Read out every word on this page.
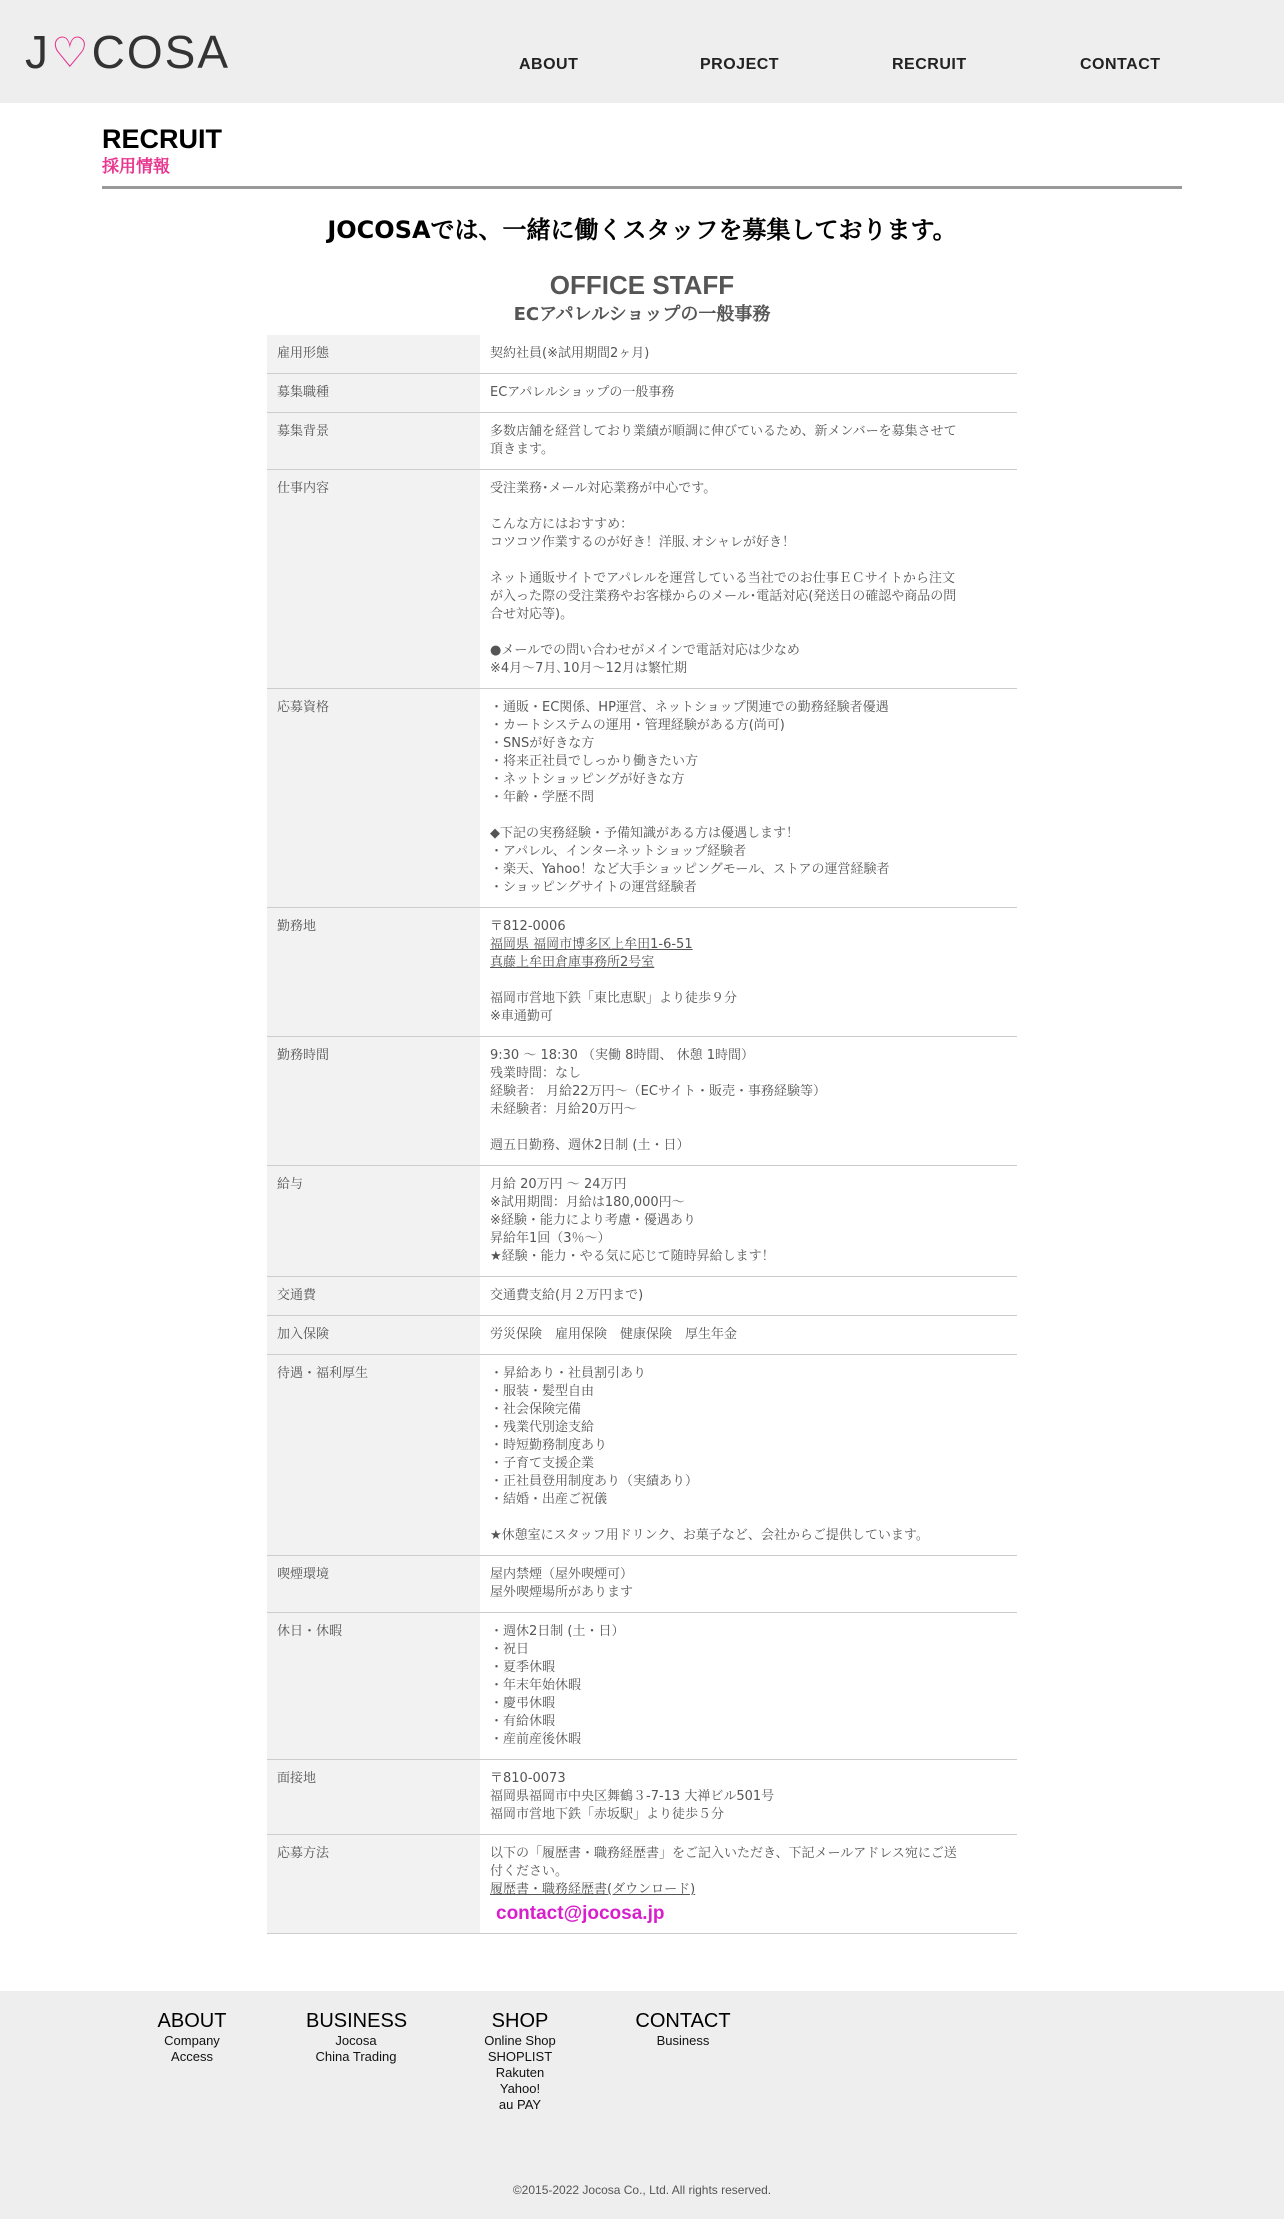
J ♡ COSA	ABOUT	PROJECT	RECRUIT	CONTACT
RECRUIT
採用情報
JOCOSAでは、一緒に働くスタッフを募集しております。
OFFICE STAFF
ECアパレルショップの一般事務
雇用形態	契約社員(※試用期間2ヶ月)
募集職種	ECアパレルショップの一般事務
募集背景	多数店舗を経営しており業績が順調に伸びているため、新メンバーを募集させて
頂きます。
仕事内容	受注業務･メール対応業務が中心です。
こんな方にはおすすめ：
コツコツ作業するのが好き！洋服､オシャレが好き！
ネット通販サイトでアパレルを運営している当社でのお仕事ＥＣサイトから注文
が入った際の受注業務やお客様からのメール･電話対応(発送日の確認や商品の問
合せ対応等)。
●メールでの問い合わせがメインで電話対応は少なめ
※4月～7月､10月～12月は繁忙期
応募資格	・通販・EC関係、HP運営、ネットショップ関連での勤務経験者優遇
・カートシステムの運用・管理経験がある方(尚可)
・SNSが好きな方
・将来正社員でしっかり働きたい方
・ネットショッピングが好きな方
・年齢・学歴不問
◆下記の実務経験・予備知識がある方は優遇します！
・アパレル、インターネットショップ経験者
・楽天、Yahoo！など大手ショッピングモール、ストアの運営経験者
・ショッピングサイトの運営経験者
勤務地	〒812-0006
福岡県 福岡市博多区上牟田1-6-51
真藤上牟田倉庫事務所2号室
福岡市営地下鉄「東比恵駅」より徒歩９分
※車通勤可
勤務時間	9:30 ～ 18:30 （実働 8時間、 休憩 1時間）
残業時間：なし
経験者： 月給22万円～（ECサイト・販売・事務経験等）
未経験者：月給20万円～
週五日勤務、週休2日制 (土・日）
給与	月給 20万円 ～ 24万円
※試用期間：月給は180,000円～
※経験・能力により考慮・優遇あり
昇給年1回（3％～）
★経験・能力・やる気に応じて随時昇給します！
交通費	交通費支給(月２万円まで)
加入保険	労災保険　雇用保険　健康保険　厚生年金
待遇・福利厚生	・昇給あり・社員割引あり
・服装・髪型自由
・社会保険完備
・残業代別途支給
・時短勤務制度あり
・子育て支援企業
・正社員登用制度あり（実績あり）
・結婚・出産ご祝儀
★休憩室にスタッフ用ドリンク、お菓子など、会社からご提供しています。
喫煙環境	屋内禁煙（屋外喫煙可）
屋外喫煙場所があります
休日・休暇	・週休2日制 (土・日）
・祝日
・夏季休暇
・年末年始休暇
・慶弔休暇
・有給休暇
・産前産後休暇
面接地	〒810-0073
福岡県福岡市中央区舞鶴３-7-13 大禅ビル501号
福岡市営地下鉄「赤坂駅」より徒歩５分
応募方法	以下の「履歴書・職務経歴書」をご記入いただき、下記メールアドレス宛にご送
付ください。
履歴書・職務経歴書(ダウンロード)
contact@jocosa.jp
ABOUT
Company
Access
BUSINESS
Jocosa
China Trading
SHOP
Online Shop
SHOPLIST
Rakuten
Yahoo!
au PAY
CONTACT
Business
©2015-2022 Jocosa Co., Ltd. All rights reserved.
